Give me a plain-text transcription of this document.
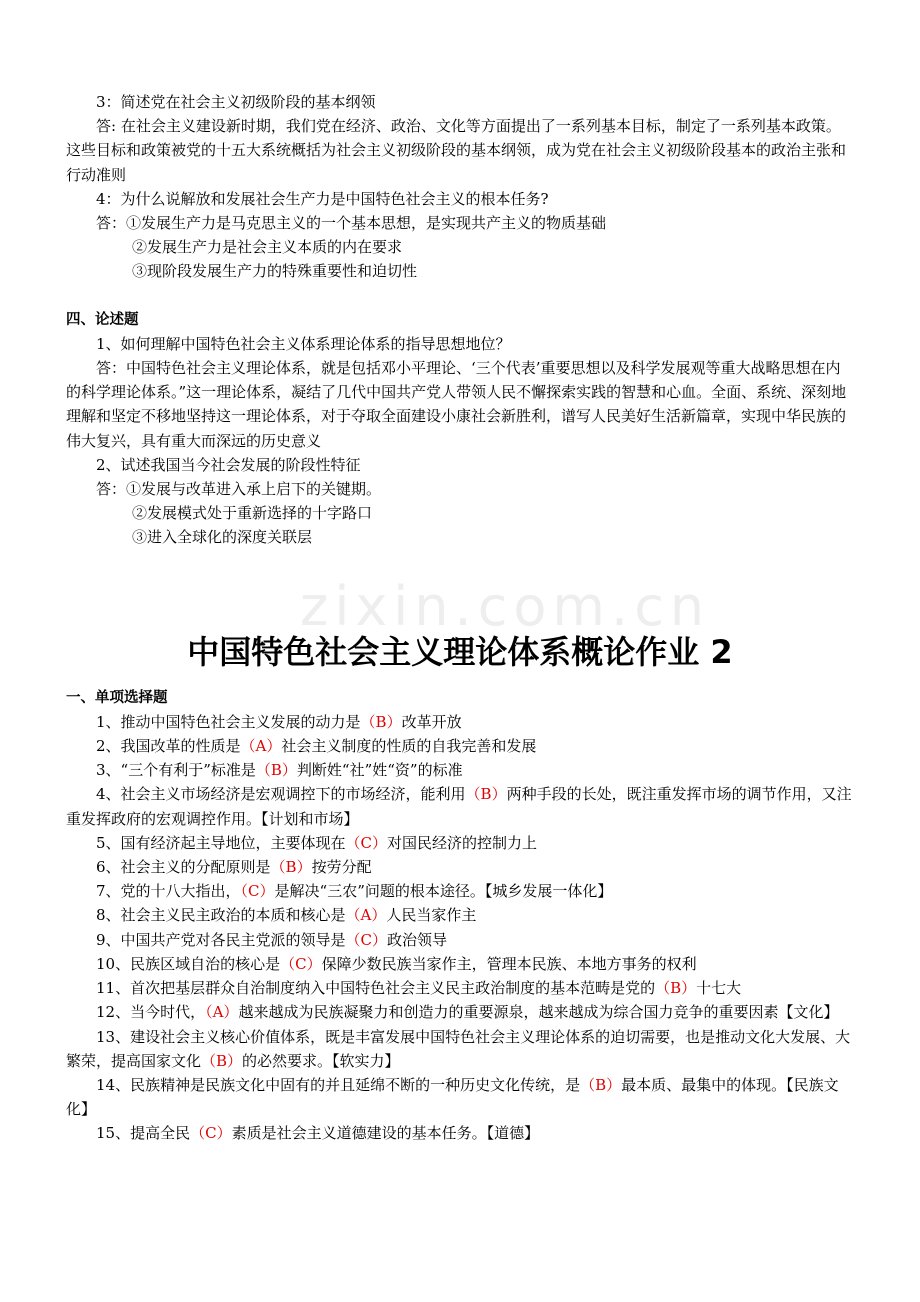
zixin.com.cn

3：简述党在社会主义初级阶段的基本纲领

答: 在社会主义建设新时期，我们党在经济、政治、文化等方面提出了一系列基本目标，制定了一系列基本政策。这些目标和政策被党的十五大系统概括为社会主义初级阶段的基本纲领，成为党在社会主义初级阶段基本的政治主张和行动准则

4：为什么说解放和发展社会生产力是中国特色社会主义的根本任务?

答：①发展生产力是马克思主义的一个基本思想，是实现共产主义的物质基础

②发展生产力是社会主义本质的内在要求

③现阶段发展生产力的特殊重要性和迫切性

四、论述题

1、如何理解中国特色社会主义体系理论体系的指导思想地位？

答：中国特色社会主义理论体系，就是包括邓小平理论、‘三个代表’重要思想以及科学发展观等重大战略思想在内的科学理论体系。”这一理论体系，凝结了几代中国共产党人带领人民不懈探索实践的智慧和心血。全面、系统、深刻地理解和坚定不移地坚持这一理论体系，对于夺取全面建设小康社会新胜利，谱写人民美好生活新篇章，实现中华民族的伟大复兴，具有重大而深远的历史意义

2、试述我国当今社会发展的阶段性特征

答：①发展与改革进入承上启下的关键期。

②发展模式处于重新选择的十字路口

③进入全球化的深度关联层

中国特色社会主义理论体系概论作业 2

一、单项选择题

1、推动中国特色社会主义发展的动力是（B）改革开放

2、我国改革的性质是（A）社会主义制度的性质的自我完善和发展

3、“三个有利于”标准是（B）判断姓“社”姓“资”的标准

4、社会主义市场经济是宏观调控下的市场经济，能利用（B）两种手段的长处，既注重发挥市场的调节作用，又注重发挥政府的宏观调控作用。【计划和市场】

5、国有经济起主导地位，主要体现在（C）对国民经济的控制力上

6、社会主义的分配原则是（B）按劳分配

7、党的十八大指出，（C）是解决“三农”问题的根本途径。【城乡发展一体化】

8、社会主义民主政治的本质和核心是（A）人民当家作主

9、中国共产党对各民主党派的领导是（C）政治领导

10、民族区域自治的核心是（C）保障少数民族当家作主，管理本民族、本地方事务的权利

11、首次把基层群众自治制度纳入中国特色社会主义民主政治制度的基本范畴是党的（B）十七大

12、当今时代，（A）越来越成为民族凝聚力和创造力的重要源泉，越来越成为综合国力竞争的重要因素【文化】

13、建设社会主义核心价值体系，既是丰富发展中国特色社会主义理论体系的迫切需要，也是推动文化大发展、大繁荣，提高国家文化（B）的必然要求。【软实力】

14、民族精神是民族文化中固有的并且延绵不断的一种历史文化传统，是（B）最本质、最集中的体现。【民族文化】

15、提高全民（C）素质是社会主义道德建设的基本任务。【道德】
